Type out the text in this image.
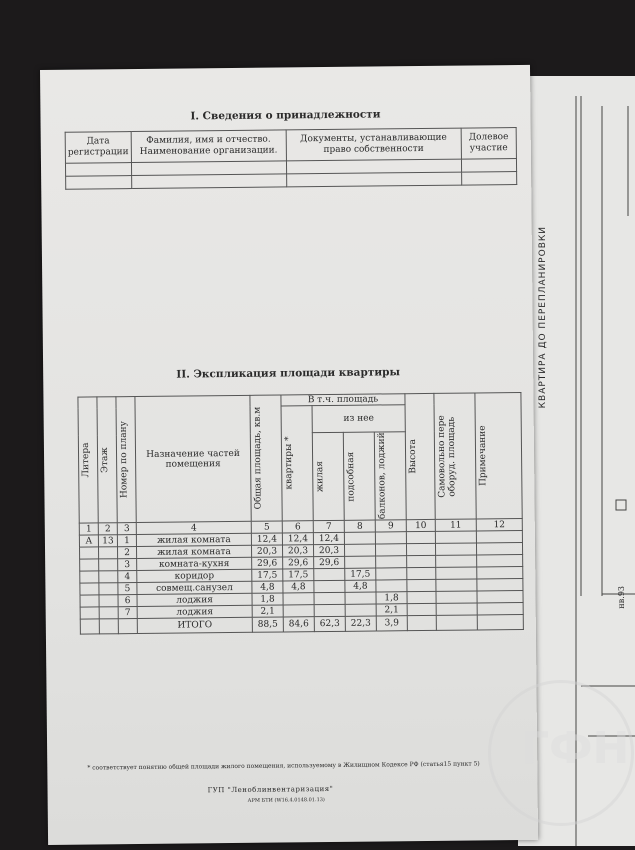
КВАРТИРА ДО ПЕРЕПЛАНИРОВКИ
нв.93
I. Сведения о принадлежности
Дата регистрации	Фамилия, имя и отчество. Наименование организации.	Документы, устанавливающие право собственности	Долевое участие

II. Экспликация площади квартиры
Литера	Этаж	Номер по плану	Назначение частей помещения	Общая площадь, кв.м	В т.ч. площадь				Высота	Самовольно пере оборуд. площадь	Примечание

					квартиры *	из нее					

						жилая	подсобная	балконов, лоджий			

1	2	3	4	5	6	7	8	9	10	11	12
А	13	1	жилая комната	12,4	12,4	12,4					
		2	жилая комната	20,3	20,3	20,3					
		3	комната-кухня	29,6	29,6	29,6					
		4	коридор	17,5	17,5		17,5				
		5	совмещ.санузел	4,8	4,8		4,8				
		6	лоджия	1,8				1,8			
		7	лоджия	2,1				2,1			
			ИТОГО	88,5	84,6	62,3	22,3	3,9			
* соответствует понятию общей площади жилого помещения, используемому в Жилищном Кодексе РФ (статья15 пункт 5)
ГУП "Леноблинвентаризация"
АРМ БТИ (W16.4.0148.01.13)
ГФН
